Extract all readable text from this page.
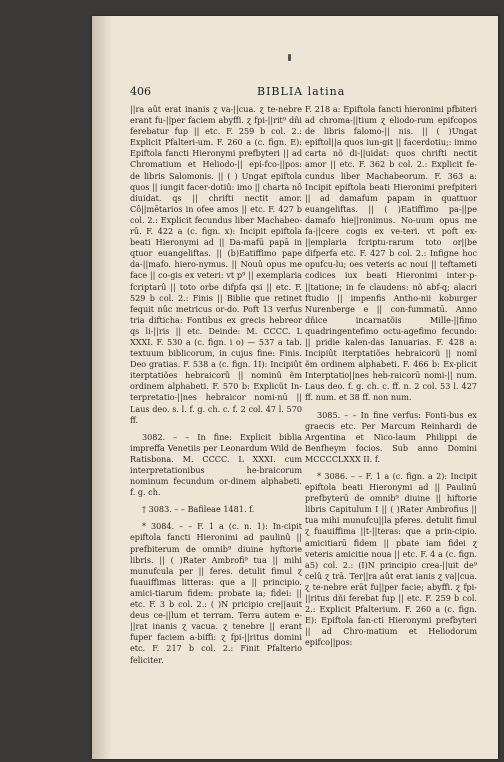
406	BIBLIA latina

||ra aût erat inanis ɀ va-||cua. ɀ te-nebre erant fu-||per faciem abyffi. ɀ fpi-||rit⁹ dñi ferebatur fup || etc. F. 259 b col. 2.: Explicit Pfalteri-um. F. 260 a (c. fign. E): Epiftola fancti Hieronymi prefbyteri || ad Chromatium et Heliodo-|| epi-fco-||pos: de libris Salomonis. || ( ) Ungat epiftola quos || iungit facer-dotiû: imo || charta nô diuidat. qs || chrifti nectit amor. Cô||mētarios in ofee amos || etc. F. 427 b col. 2.: Explicit fecundus liber Machabeo-rû. F. 422 a (c. fign. x): Incipit epiftola beati Hieronymi ad || Da-mafū papā in qtuor euangeliftas. || (b)Eatiffimo pape da-||mafo. hiero-nymus. || Nouû opus me face || co-gis ex veteri: vt p⁹ || exemplaria fcriptarû || toto orbe difpfa qsi || etc. F. 529 b col. 2.: Finis || Biblie que retinet fequit nûc metricus or-do. Poft 13 verfus tria difticha: Fontibus ex grecis hebreor qs li-||ris || etc. Deinde: M. CCCC. L XXXI. F. 530 a (c. fign. i o) — 537 a tab. textuum biblicorum, in cujus fine: Finis. Deo gratias. F. 538 a (c. fign. 1I): Incipiût iterptatiões hebraicorû || nominû ẽm ordinem alphabeti. F. 570 b: Explicüt In-terpretatio-||nes hebraicor nomi-nū || Laus deo. s. l. f. g. ch. c. f. 2 col. 47 l. 570 ff.

3082. – – In fine: Explicit biblia impreffa Venetiis per Leonardum Wild de Ratisbona. M. CCCC. L XXXI. cum interpretationibus he-braicorum nominum fecundum or-dinem alphabeti. f. g. ch.

† 3083. – – Bafileae 1481. f.

* 3084. – – F. 1 a (c. n. 1): In-cipit epiftola fancti Hieronimi ad paulinû || prefbiterum de omnib⁹ diuine hyftorie libris. || ( )Rater Ambrofi⁹ tua || mihi munufcula per || feres. detulit fimul ɀ fuauiffimas litteras: que a || principio. amici-tiarum fidem: probate ia; fidei: || etc. F. 3 b col. 2.: ( )N pricipio cre||auit deus ce-||lum et terram. Terra autem e-||rat inanis ɀ vacua. ɀ tenebre || erant fuper faciem a-biffi: ɀ fpi-||ritus domini etc. F. 217 b col. 2.: Finit Pfalterio feliciter.

F. 218 a: Epiftola fancti hieronimi pfbiteri ad chroma-||tium ɀ eliodo-rum epifcopos de libris falomo-|| nis. || ( )Ungat epiftol||a quos iun-git || facerdotiu;: immo carta nõ di-||uidat: quos chrifti nectit amor || etc. F. 362 b col. 2.: Explicit fe-cundus liber Machabeorum. F. 363 a: Incipit epiftola beati Hieronimi prefpiteri || ad damafum papam in quattuor euangeliftas. || ( )Eatiffimo pa-||pe damafo hie||ronimus. No-uum opus me fa-||cere cogis ex ve-teri. vt poft ex-||emplaria fcriptu-rarum toto or||be difperfa etc. F. 427 b col. 2.: Infigne hoc opufcu-lu; oes veteris ac noui || teftameti codices iux beati Hieronimi inter-p-||tatione; in fe claudens: nõ abf-q; alacri ftudio || impenfis Antho-nii koburger Nurenberge e || con-fummatū. Anno dñice incarnatõis Mille-||fimo quadringentefimo octu-agefimo fecundo: || pridie kalen-das Ianuarias. F. 428 a: Incipiût iterptatiões hebraicorũ || nomĩ ẽm ordinem alphabeti. F. 466 b: Ex-plicit Interptatio||nes heb-raicorū nomi-|| num. Laus deo. f. g. ch. c. ff. n. 2 col. 53 l. 427 ff. num. et 38 ff. non num.

3085. – – In fine verfus: Fonti-bus ex graecis etc. Per Marcum Reinhardi de Argentina et Nico-laum Philippi de Benfheym focios. Sub anno Domini MCCCCLXXX II. f.

* 3086. – – F. 1 a (c. fign. a 2): Incipit epiftola beati Hieronymi ad || Paulinū prefbyterū de omnib⁹ diuine || hiftorie libris Capitulum I || ( )Rater Ambrofius || tua mihi munufcu||la pferes. detulit fimul ɀ fuauiffima ||t-||teras: que a prin-cipio. amicitiarū fidem || pbate iam fidei ɀ veteris amicitie noua || etc. F. 4 a (c. fign. a5) col. 2.: (I)N principio crea-||uit de⁹ celû ɀ trā. Ter||ra aût erat ianis ɀ va||cua. ɀ te-nebre erāt fu||per facie; abyffi. ɀ fpi-||ritus dñi ferebat fup || etc. F. 259 b col. 2.: Explicit Pfalterium. F. 260 a (c. fign. E): Epiftola fan-cti Hieronymi prefbyteri || ad Chro-matium et Heliodorum epifco||pos:
